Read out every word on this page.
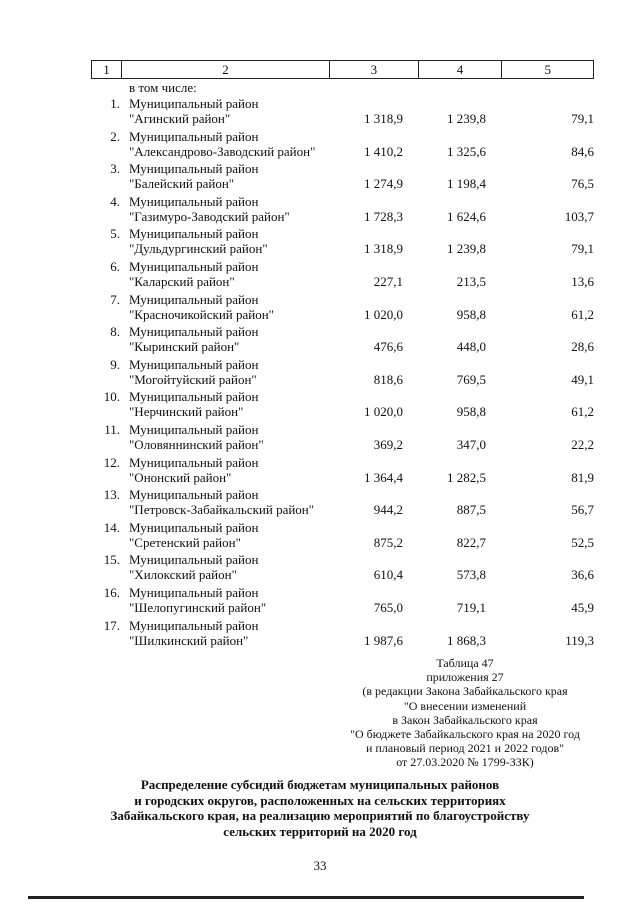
1	2	3	4	5
в том числе:
1. Муниципальный район
"Агинский район"	1 318,9	1 239,8	79,1
2. Муниципальный район
"Александрово-Заводский район"	1 410,2	1 325,6	84,6
3. Муниципальный район
"Балейский район"	1 274,9	1 198,4	76,5
4. Муниципальный район
"Газимуро-Заводский район"	1 728,3	1 624,6	103,7
5. Муниципальный район
"Дульдургинский район"	1 318,9	1 239,8	79,1
6. Муниципальный район
"Каларский район"	227,1	213,5	13,6
7. Муниципальный район
"Красночикойский район"	1 020,0	958,8	61,2
8. Муниципальный район
"Кыринский район"	476,6	448,0	28,6
9. Муниципальный район
"Могойтуйский район"	818,6	769,5	49,1
10. Муниципальный район
"Нерчинский район"	1 020,0	958,8	61,2
11. Муниципальный район
"Оловяннинский район"	369,2	347,0	22,2
12. Муниципальный район
"Ононский район"	1 364,4	1 282,5	81,9
13. Муниципальный район
"Петровск-Забайкальский район"	944,2	887,5	56,7
14. Муниципальный район
"Сретенский район"	875,2	822,7	52,5
15. Муниципальный район
"Хилокский район"	610,4	573,8	36,6
16. Муниципальный район
"Шелопугинский район"	765,0	719,1	45,9
17. Муниципальный район
"Шилкинский район"	1 987,6	1 868,3	119,3
Таблица 47
приложения 27
(в редакции Закона Забайкальского края
"О внесении изменений
в Закон Забайкальского края
"О бюджете Забайкальского края на 2020 год
и плановый период 2021 и 2022 годов"
от 27.03.2020 № 1799-ЗЗК)
Распределение субсидий бюджетам муниципальных районов
и городских округов, расположенных на сельских территориях
Забайкальского края, на реализацию мероприятий по благоустройству
сельских территорий на 2020 год
33
